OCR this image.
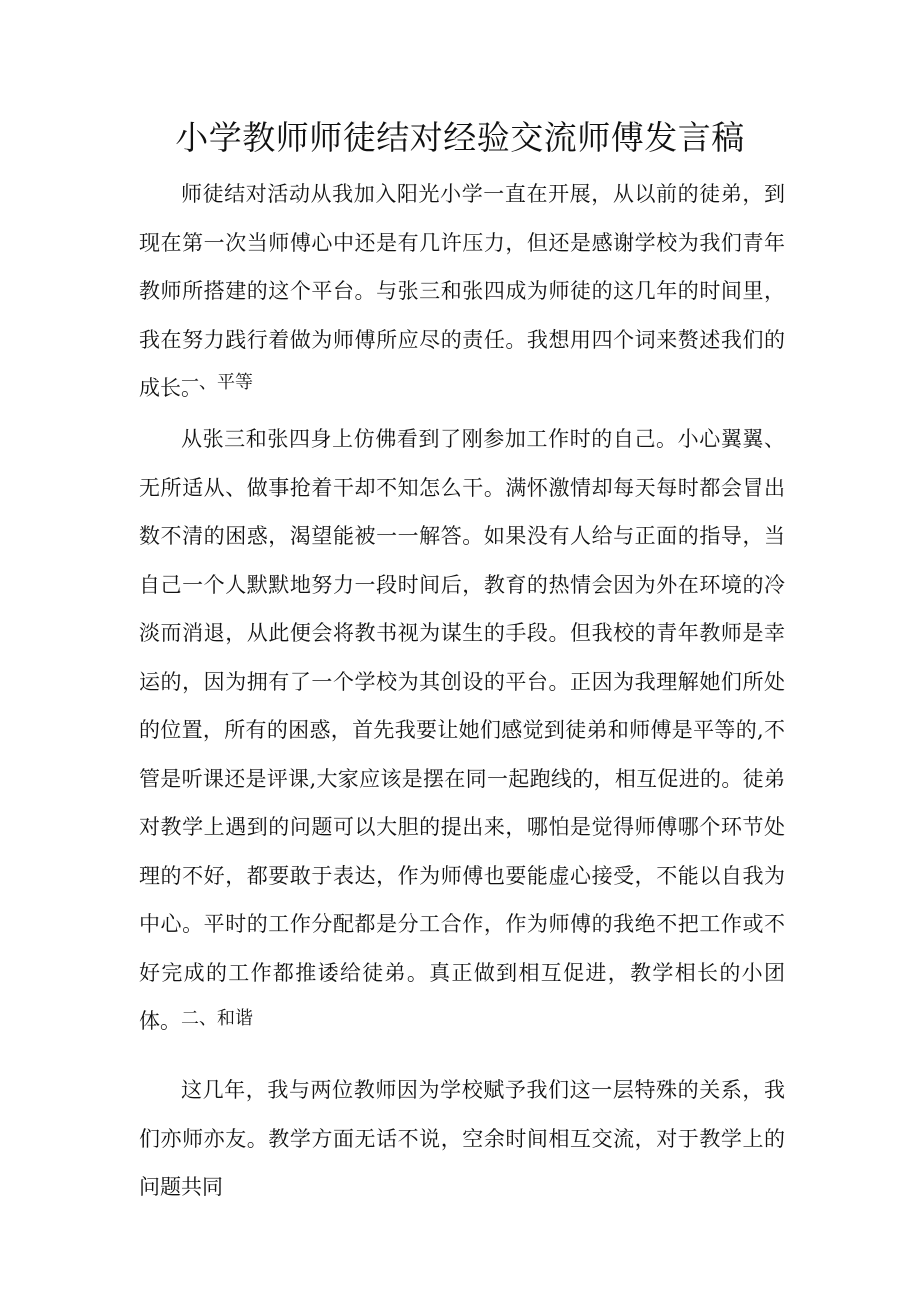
小学教师师徒结对经验交流师傅发言稿

师徒结对活动从我加入阳光小学一直在开展，从以前的徒弟，到现在第一次当师傅心中还是有几许压力，但还是感谢学校为我们青年教师所搭建的这个平台。与张三和张四成为师徒的这几年的时间里，我在努力践行着做为师傅所应尽的责任。我想用四个词来赘述我们的成长。

一、平等

从张三和张四身上仿佛看到了刚参加工作时的自己。小心翼翼、无所适从、做事抢着干却不知怎么干。满怀激情却每天每时都会冒出数不清的困惑，渴望能被一一解答。如果没有人给与正面的指导，当自己一个人默默地努力一段时间后，教育的热情会因为外在环境的冷淡而消退，从此便会将教书视为谋生的手段。但我校的青年教师是幸运的，因为拥有了一个学校为其创设的平台。正因为我理解她们所处的位置，所有的困惑，首先我要让她们感觉到徒弟和师傅是平等的,不管是听课还是评课,大家应该是摆在同一起跑线的，相互促进的。徒弟对教学上遇到的问题可以大胆的提出来，哪怕是觉得师傅哪个环节处理的不好，都要敢于表达，作为师傅也要能虚心接受，不能以自我为中心。平时的工作分配都是分工合作，作为师傅的我绝不把工作或不好完成的工作都推诿给徒弟。真正做到相互促进，教学相长的小团体。 二、和谐

这几年，我与两位教师因为学校赋予我们这一层特殊的关系，我们亦师亦友。教学方面无话不说，空余时间相互交流，对于教学上的问题共同
